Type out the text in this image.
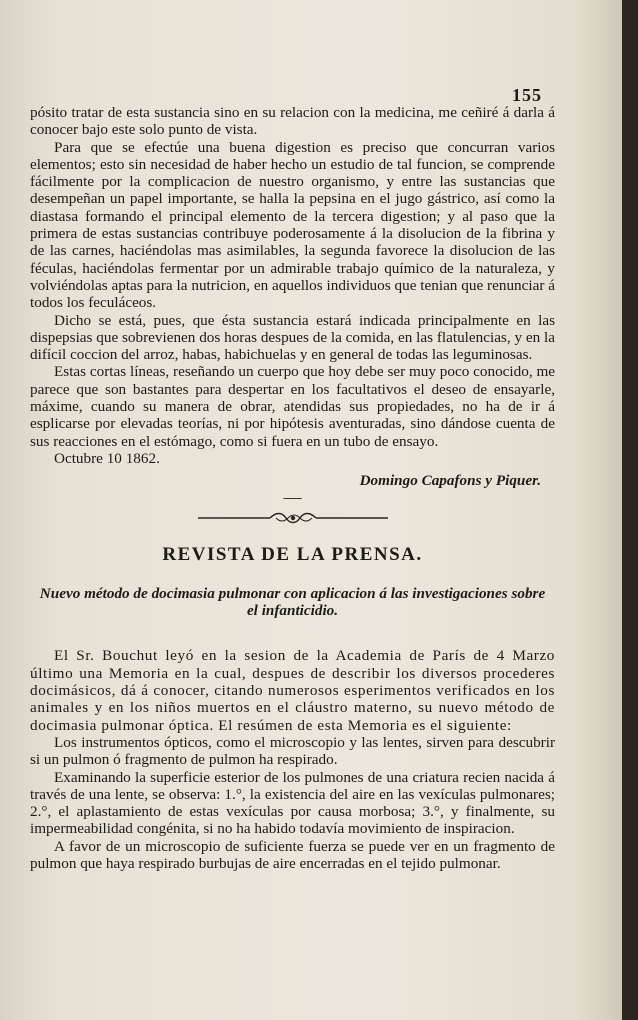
155

pósito tratar de esta sustancia sino en su relacion con la medicina, me ceñiré á darla á conocer bajo este solo punto de vista.

Para que se efectúe una buena digestion es preciso que concurran varios elementos; esto sin necesidad de haber hecho un estudio de tal funcion, se comprende fácilmente por la complicacion de nuestro organismo, y entre las sustancias que desempeñan un papel importante, se halla la pepsina en el jugo gástrico, así como la diastasa formando el principal elemento de la tercera digestion; y al paso que la primera de estas sustancias contribuye poderosamente á la disolucion de la fibrina y de las carnes, haciéndolas mas asimilables, la segunda favorece la disolucion de las féculas, haciéndolas fermentar por un admirable trabajo químico de la naturaleza, y volviéndolas aptas para la nutricion, en aquellos individuos que tenian que renunciar á todos los feculáceos.

Dicho se está, pues, que ésta sustancia estará indicada principalmente en las dispepsias que sobrevienen dos horas despues de la comida, en las flatulencias, y en la difícil coccion del arroz, habas, habichuelas y en general de todas las leguminosas.

Estas cortas líneas, reseñando un cuerpo que hoy debe ser muy poco conocido, me parece que son bastantes para despertar en los facultativos el deseo de ensayarle, máxime, cuando su manera de obrar, atendidas sus propiedades, no ha de ir á esplicarse por elevadas teorías, ni por hipótesis aventuradas, sino dándose cuenta de sus reacciones en el estómago, como si fuera en un tubo de ensayo.

Octubre 10 1862.

Domingo Capafons y Piquer.

—

REVISTA DE LA PRENSA.

Nuevo método de docimasia pulmonar con aplicacion á las investigaciones sobre el infanticidio.

El Sr. Bouchut leyó en la sesion de la Academia de París de 4 Marzo último una Memoria en la cual, despues de describir los diversos procederes docimásicos, dá á conocer, citando numerosos esperimentos verificados en los animales y en los niños muertos en el cláustro materno, su nuevo método de docimasia pulmonar óptica. El resúmen de esta Memoria es el siguiente:

Los instrumentos ópticos, como el microscopio y las lentes, sirven para descubrir si un pulmon ó fragmento de pulmon ha respirado.

Examinando la superficie esterior de los pulmones de una criatura recien nacida á través de una lente, se observa: 1.°, la existencia del aire en las vexículas pulmonares; 2.°, el aplastamiento de estas vexículas por causa morbosa; 3.°, y finalmente, su impermeabilidad congénita, si no ha habido todavía movimiento de inspiracion.

A favor de un microscopio de suficiente fuerza se puede ver en un fragmento de pulmon que haya respirado burbujas de aire encerradas en el tejido pulmonar.
